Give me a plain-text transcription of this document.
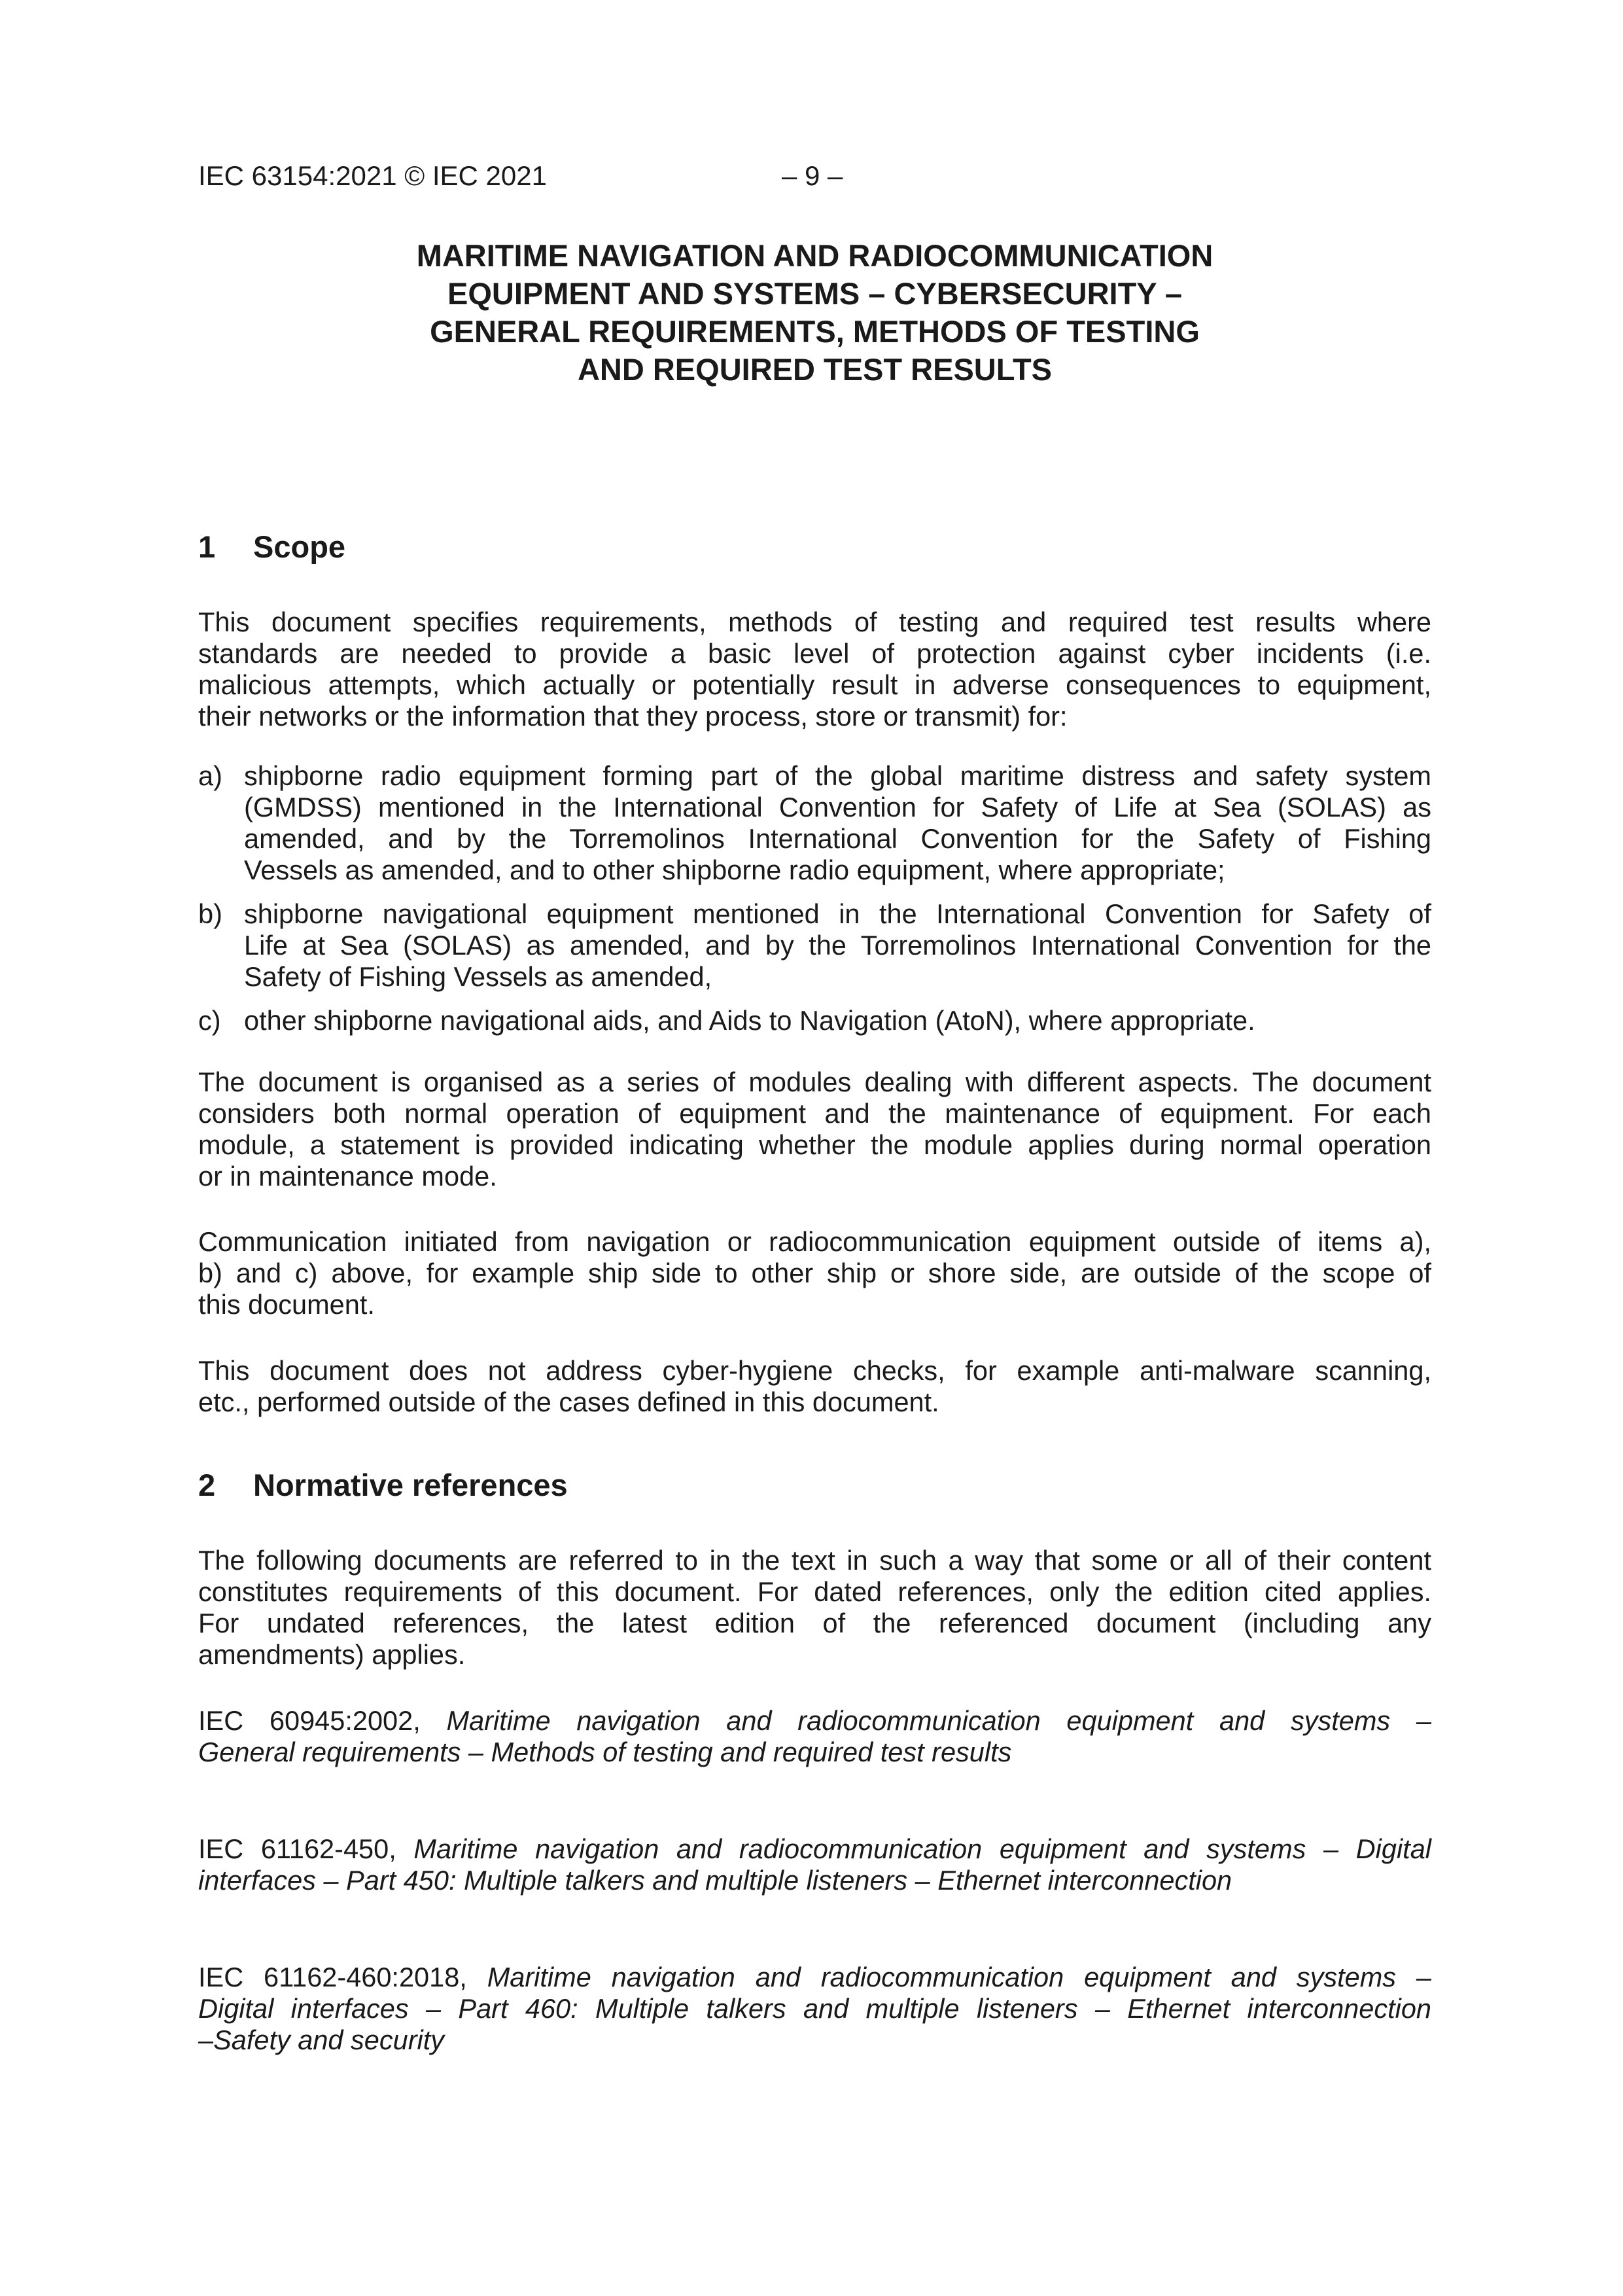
IEC 63154:2021 © IEC 2021	– 9 –
MARITIME NAVIGATION AND RADIOCOMMUNICATION
EQUIPMENT AND SYSTEMS – CYBERSECURITY –
GENERAL REQUIREMENTS, METHODS OF TESTING
AND REQUIRED TEST RESULTS
1 Scope
This document specifies requirements, methods of testing and required test results where
standards are needed to provide a basic level of protection against cyber incidents (i.e.
malicious attempts, which actually or potentially result in adverse consequences to equipment,
their networks or the information that they process, store or transmit) for:
a) shipborne radio equipment forming part of the global maritime distress and safety system
(GMDSS) mentioned in the International Convention for Safety of Life at Sea (SOLAS) as
amended, and by the Torremolinos International Convention for the Safety of Fishing
Vessels as amended, and to other shipborne radio equipment, where appropriate;
b) shipborne navigational equipment mentioned in the International Convention for Safety of
Life at Sea (SOLAS) as amended, and by the Torremolinos International Convention for the
Safety of Fishing Vessels as amended,
c) other shipborne navigational aids, and Aids to Navigation (AtoN), where appropriate.
The document is organised as a series of modules dealing with different aspects. The document
considers both normal operation of equipment and the maintenance of equipment. For each
module, a statement is provided indicating whether the module applies during normal operation
or in maintenance mode.
Communication initiated from navigation or radiocommunication equipment outside of items a),
b) and c) above, for example ship side to other ship or shore side, are outside of the scope of
this document.
This document does not address cyber-hygiene checks, for example anti-malware scanning,
etc., performed outside of the cases defined in this document.
2 Normative references
The following documents are referred to in the text in such a way that some or all of their content
constitutes requirements of this document. For dated references, only the edition cited applies.
For undated references, the latest edition of the referenced document (including any
amendments) applies.
IEC 60945:2002, Maritime navigation and radiocommunication equipment and systems –
General requirements – Methods of testing and required test results
IEC 61162-450, Maritime navigation and radiocommunication equipment and systems – Digital
interfaces – Part 450: Multiple talkers and multiple listeners – Ethernet interconnection
IEC 61162-460:2018, Maritime navigation and radiocommunication equipment and systems –
Digital interfaces – Part 460: Multiple talkers and multiple listeners – Ethernet interconnection
–Safety and security
